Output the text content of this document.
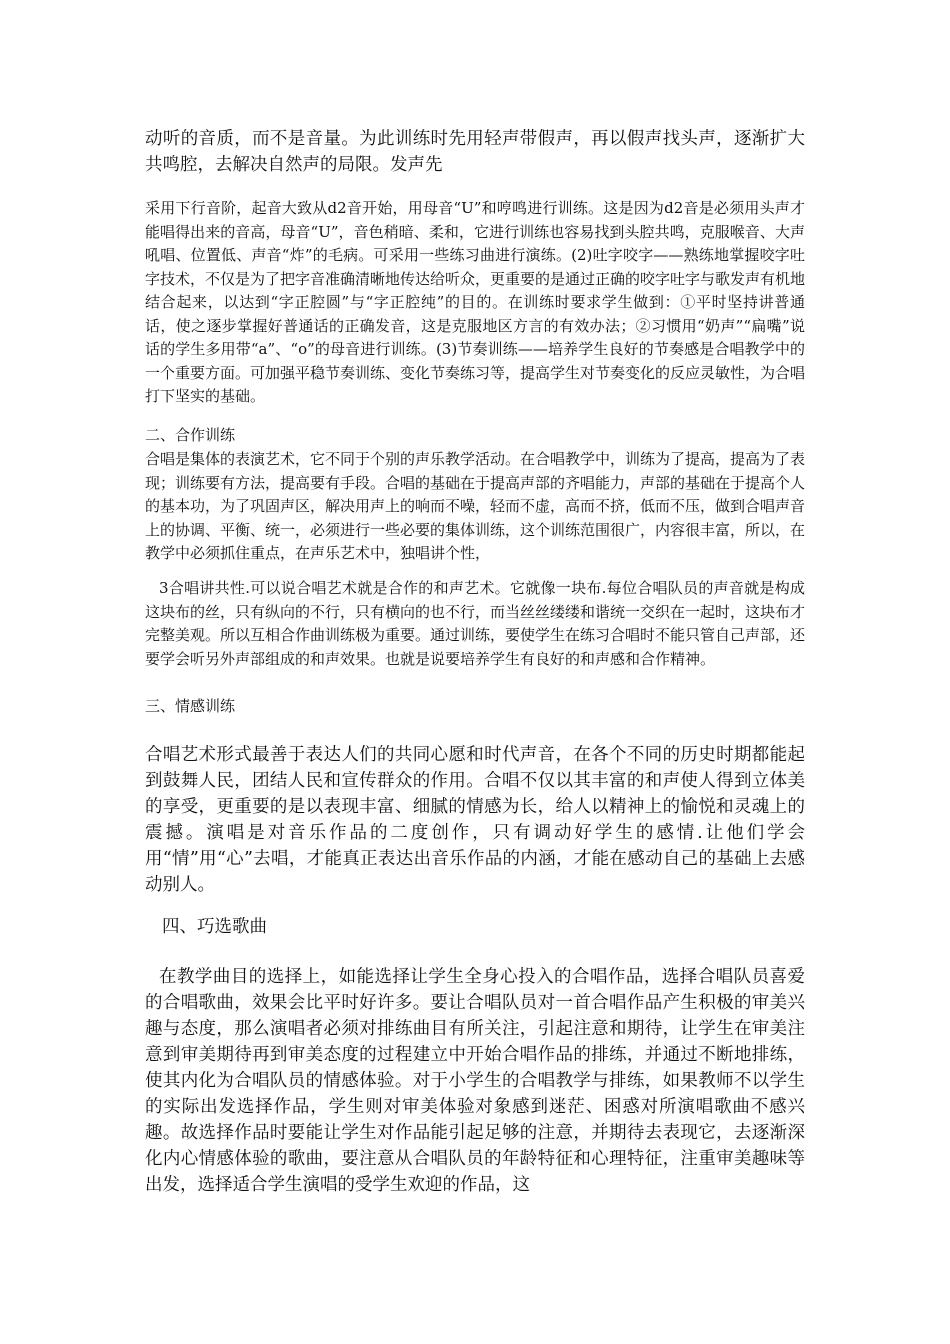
动听的音质，而不是音量。为此训练时先用轻声带假声，再以假声找头声，逐渐扩大共鸣腔，去解决自然声的局限。发声先

采用下行音阶，起音大致从d2音开始，用母音“U”和哼鸣进行训练。这是因为d2音是必须用头声才能唱得出来的音高，母音“U”，音色稍暗、柔和，它进行训练也容易找到头腔共鸣，克服喉音、大声吼唱、位置低、声音“炸”的毛病。可采用一些练习曲进行演练。(2)吐字咬字——熟练地掌握咬字吐字技术，不仅是为了把字音准确清晰地传达给听众，更重要的是通过正确的咬字吐字与歌发声有机地结合起来，以达到“字正腔圆”与“字正腔纯”的目的。在训练时要求学生做到：①平时坚持讲普通话，使之逐步掌握好普通话的正确发音，这是克服地区方言的有效办法；②习惯用“奶声”“扁嘴”说话的学生多用带“a”、“o”的母音进行训练。(3)节奏训练——培养学生良好的节奏感是合唱教学中的一个重要方面。可加强平稳节奏训练、变化节奏练习等，提高学生对节奏变化的反应灵敏性，为合唱打下坚实的基础。

二、合作训练

合唱是集体的表演艺术，它不同于个别的声乐教学活动。在合唱教学中，训练为了提高，提高为了表现；训练要有方法，提高要有手段。合唱的基础在于提高声部的齐唱能力，声部的基础在于提高个人的基本功，为了巩固声区，解决用声上的响而不噪，轻而不虚，高而不挤，低而不压，做到合唱声音上的协调、平衡、统一，必须进行一些必要的集体训练，这个训练范围很广，内容很丰富，所以，在教学中必须抓住重点，在声乐艺术中，独唱讲个性，

3合唱讲共性.可以说合唱艺术就是合作的和声艺术。它就像一块布.每位合唱队员的声音就是构成这块布的丝，只有纵向的不行，只有横向的也不行，而当丝丝缕缕和谐统一交织在一起时，这块布才完整美观。所以互相合作曲训练极为重要。通过训练，要使学生在练习合唱时不能只管自己声部，还要学会听另外声部组成的和声效果。也就是说要培养学生有良好的和声感和合作精神。

三、情感训练

合唱艺术形式最善于表达人们的共同心愿和时代声音，在各个不同的历史时期都能起到鼓舞人民，团结人民和宣传群众的作用。合唱不仅以其丰富的和声使人得到立体美的享受，更重要的是以表现丰富、细腻的情感为长，给人以精神上的愉悦和灵魂上的震撼。演唱是对音乐作品的二度创作，只有调动好学生的感情.让他们学会用“情”用“心”去唱，才能真正表达出音乐作品的内涵，才能在感动自己的基础上去感动别人。

四、巧选歌曲

在教学曲目的选择上，如能选择让学生全身心投入的合唱作品，选择合唱队员喜爱的合唱歌曲，效果会比平时好许多。要让合唱队员对一首合唱作品产生积极的审美兴趣与态度，那么演唱者必须对排练曲目有所关注，引起注意和期待，让学生在审美注意到审美期待再到审美态度的过程建立中开始合唱作品的排练，并通过不断地排练，使其内化为合唱队员的情感体验。对于小学生的合唱教学与排练，如果教师不以学生的实际出发选择作品，学生则对审美体验对象感到迷茫、困惑对所演唱歌曲不感兴趣。故选择作品时要能让学生对作品能引起足够的注意，并期待去表现它，去逐渐深化内心情感体验的歌曲，要注意从合唱队员的年龄特征和心理特征，注重审美趣味等出发，选择适合学生演唱的受学生欢迎的作品，这
